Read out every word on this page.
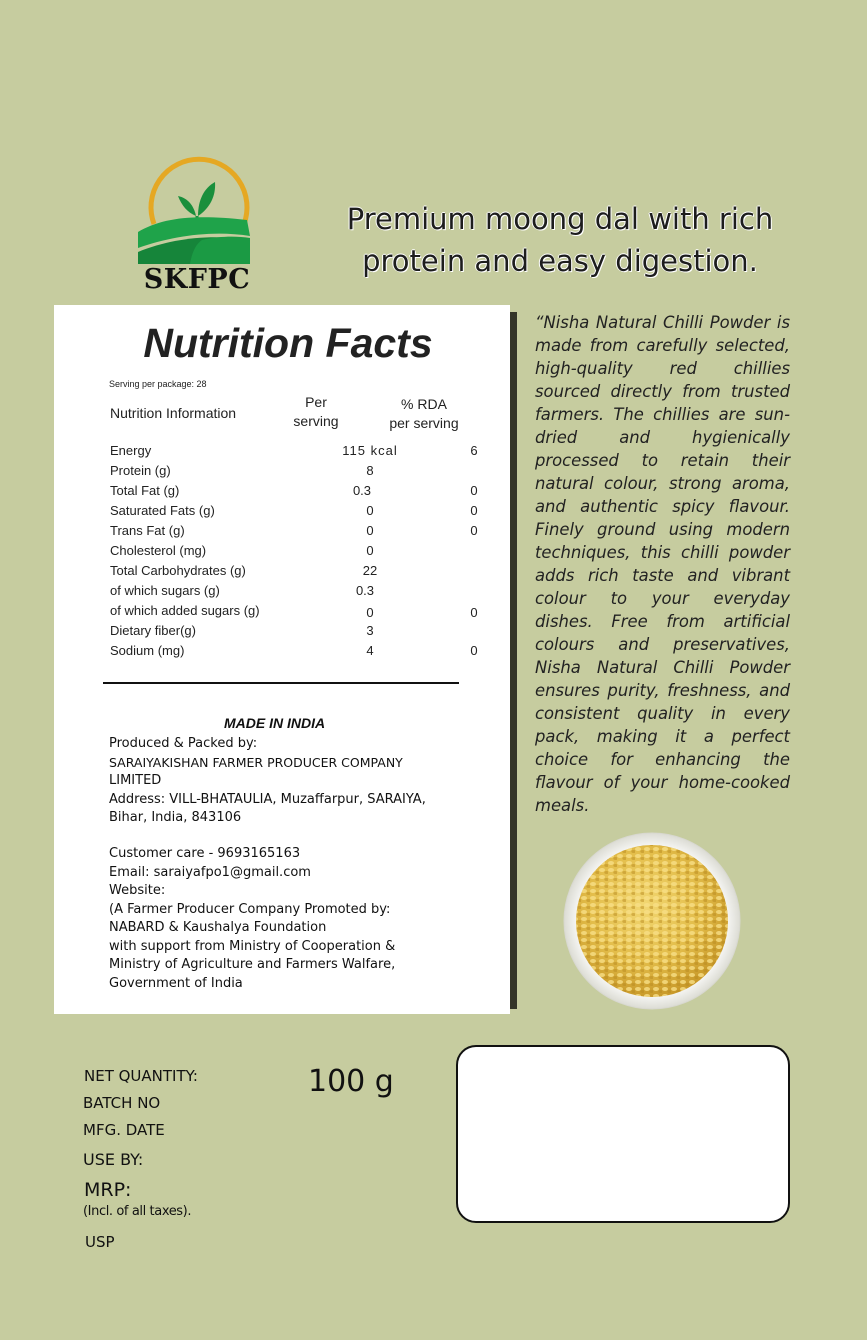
SKFPC
Premium moong dal with rich protein and easy digestion.
Nutrition Facts
Serving per package: 28
Nutrition Information
Per
serving
% RDA
per serving
Energy	115 kcal	6
Protein (g)	8
Total Fat (g)	0.3	0
Saturated Fats (g)	0	0
Trans Fat (g)	0	0
Cholesterol (mg)	0
Total Carbohydrates (g)	22
of which sugars (g)	0.3
of which added sugars (g)	0	0
Dietary fiber(g)	3
Sodium (mg)	4	0
MADE IN INDIA
Produced & Packed by:
SARAIYAKISHAN FARMER PRODUCER COMPANY
LIMITED
Address: VILL-BHATAULIA, Muzaffarpur, SARAIYA,
Bihar, India, 843106
Customer care - 9693165163
Email: saraiyafpo1@gmail.com
Website:
(A Farmer Producer Company Promoted by:
NABARD & Kaushalya Foundation
with support from Ministry of Cooperation &
Ministry of Agriculture and Farmers Walfare,
Government of India
“Nisha Natural Chilli Powder is made from carefully selected, high-quality red chillies sourced directly from trusted farmers. The chillies are sun-dried and hygienically processed to retain their natural colour, strong aroma, and authentic spicy flavour. Finely ground using modern techniques, this chilli powder adds rich taste and vibrant colour to your everyday dishes. Free from artificial colours and preservatives, Nisha Natural Chilli Powder ensures purity, freshness, and consistent quality in every pack, making it a perfect choice for enhancing the flavour of your home-cooked meals.
NET QUANTITY:
BATCH NO
MFG. DATE
USE BY:
MRP:
(Incl. of all taxes).
USP
100 g
